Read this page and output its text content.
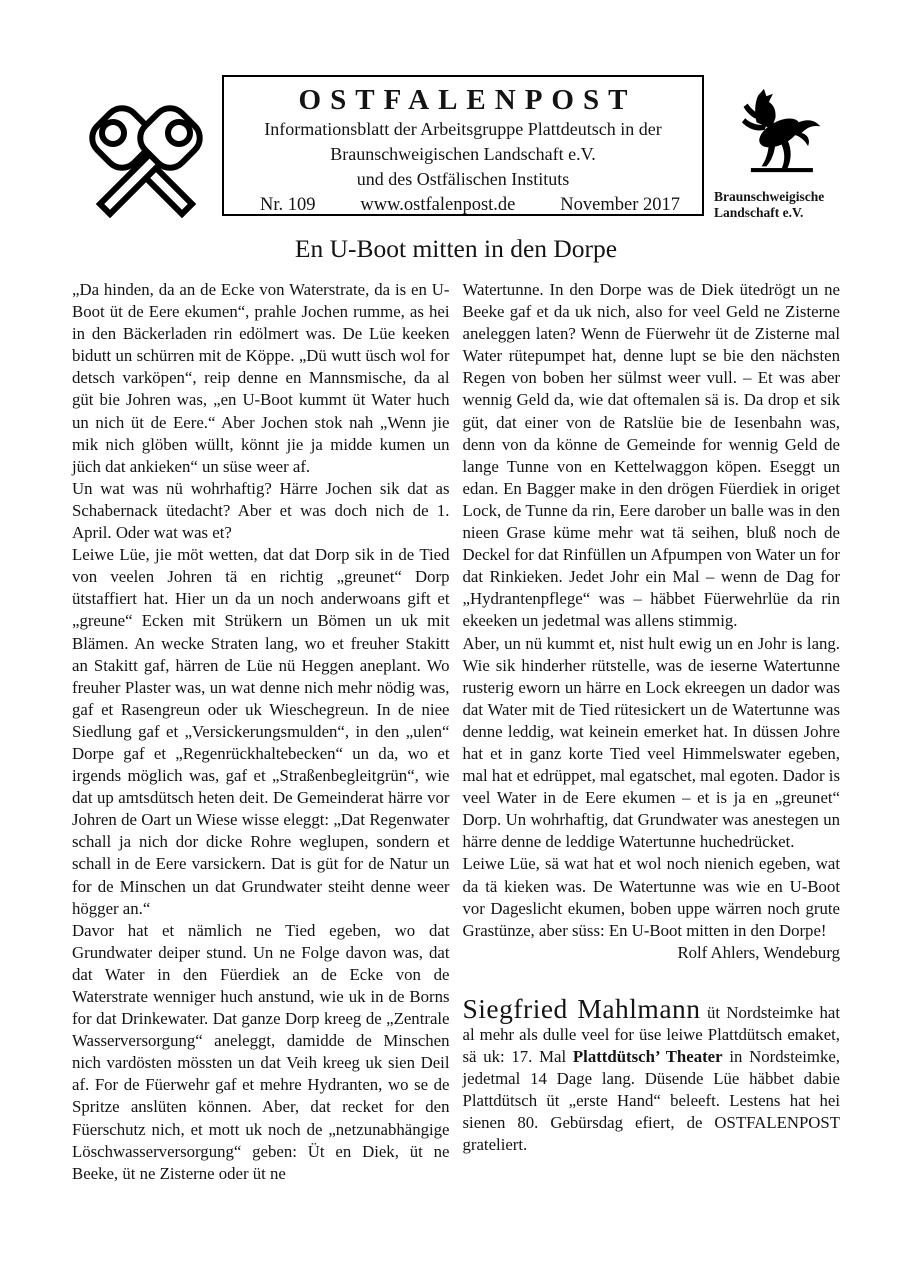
OSTFALENPOST
Informationsblatt der Arbeitsgruppe Plattdeutsch in der
Braunschweigischen Landschaft e.V.
und des Ostfälischen Instituts
Nr. 109 www.ostfalenpost.de November 2017	Braunschweigische
Landschaft e.V.
En U-Boot mitten in den Dorpe

„Da hinden, da an de Ecke von Waterstrate, da is en U-Boot üt de Eere ekumen“, prahle Jochen rumme, as hei in den Bäckerladen rin edölmert was. De Lüe keeken bidutt un schürren mit de Köppe. „Dü wutt üsch wol for detsch varköpen“, reip denne en Mannsmische, da al güt bie Johren was, „en U-Boot kummt üt Water huch un nich üt de Eere.“ Aber Jochen stok nah „Wenn jie mik nich glöben wüllt, könnt jie ja midde kumen un jüch dat ankieken“ un süse weer af.

Un wat was nü wohrhaftig? Härre Jochen sik dat as Schabernack ütedacht? Aber et was doch nich de 1. April. Oder wat was et?

Leiwe Lüe, jie möt wetten, dat dat Dorp sik in de Tied von veelen Johren tä en richtig „greunet“ Dorp ütstaffiert hat. Hier un da un noch anderwoans gift et „greune“ Ecken mit Strükern un Bömen un uk mit Blämen. An wecke Straten lang, wo et freuher Stakitt an Stakitt gaf, härren de Lüe nü Heggen aneplant. Wo freuher Plaster was, un wat denne nich mehr nödig was, gaf et Rasengreun oder uk Wieschegreun. In de niee Siedlung gaf et „Versickerungsmulden“, in den „ulen“ Dorpe gaf et „Regenrückhaltebecken“ un da, wo et irgends möglich was, gaf et „Straßenbegleitgrün“, wie dat up amtsdütsch heten deit. De Gemeinderat härre vor Johren de Oart un Wiese wisse eleggt: „Dat Regenwater schall ja nich dor dicke Rohre weglupen, sondern et schall in de Eere varsickern. Dat is güt for de Natur un for de Minschen un dat Grundwater steiht denne weer högger an.“

Davor hat et nämlich ne Tied egeben, wo dat Grundwater deiper stund. Un ne Folge davon was, dat dat Water in den Füerdiek an de Ecke von de Waterstrate wenniger huch anstund, wie uk in de Borns for dat Drinkewater. Dat ganze Dorp kreeg de „Zentrale Wasserversorgung“ aneleggt, damidde de Minschen nich vardösten mössten un dat Veih kreeg uk sien Deil af. For de Füerwehr gaf et mehre Hydranten, wo se de Spritze anslüten können. Aber, dat recket for den Füerschutz nich, et mott uk noch de „netzunabhängige Löschwasserversorgung“ geben: Üt en Diek, üt ne Beeke, üt ne Zisterne oder üt ne

Watertunne. In den Dorpe was de Diek ütedrögt un ne Beeke gaf et da uk nich, also for veel Geld ne Zisterne aneleggen laten? Wenn de Füerwehr üt de Zisterne mal Water rütepumpet hat, denne lupt se bie den nächsten Regen von boben her sülmst weer vull. – Et was aber wennig Geld da, wie dat oftemalen sä is. Da drop et sik güt, dat einer von de Ratslüe bie de Iesenbahn was, denn von da könne de Gemeinde for wennig Geld de lange Tunne von en Kettelwaggon köpen. Eseggt un edan. En Bagger make in den drögen Füerdiek in origet Lock, de Tunne da rin, Eere darober un balle was in den nieen Grase küme mehr wat tä seihen, bluß noch de Deckel for dat Rinfüllen un Afpumpen von Water un for dat Rinkieken. Jedet Johr ein Mal – wenn de Dag for „Hydrantenpflege“ was – häbbet Füerwehrlüe da rin ekeeken un jedetmal was allens stimmig.

Aber, un nü kummt et, nist hult ewig un en Johr is lang. Wie sik hinderher rütstelle, was de ieserne Watertunne rusterig eworn un härre en Lock ekreegen un dador was dat Water mit de Tied rütesickert un de Watertunne was denne leddig, wat keinein emerket hat. In düssen Johre hat et in ganz korte Tied veel Himmelswater egeben, mal hat et edrüppet, mal egatschet, mal egoten. Dador is veel Water in de Eere ekumen – et is ja en „greunet“ Dorp. Un wohrhaftig, dat Grundwater was anestegen un härre denne de leddige Watertunne huchedrücket.

Leiwe Lüe, sä wat hat et wol noch nienich egeben, wat da tä kieken was. De Watertunne was wie en U-Boot vor Dageslicht ekumen, boben uppe wärren noch grute Grastünze, aber süss: En U-Boot mitten in den Dorpe!

Rolf Ahlers, Wendeburg

Siegfried Mahlmann üt Nordsteimke hat al mehr als dulle veel for üse leiwe Plattdütsch emaket, sä uk: 17. Mal Plattdütsch’ Theater in Nordsteimke, jedetmal 14 Dage lang. Düsende Lüe häbbet dabie Plattdütsch üt „erste Hand“ beleeft. Lestens hat hei sienen 80. Gebürsdag efiert, de OSTFALENPOST grateliert.
